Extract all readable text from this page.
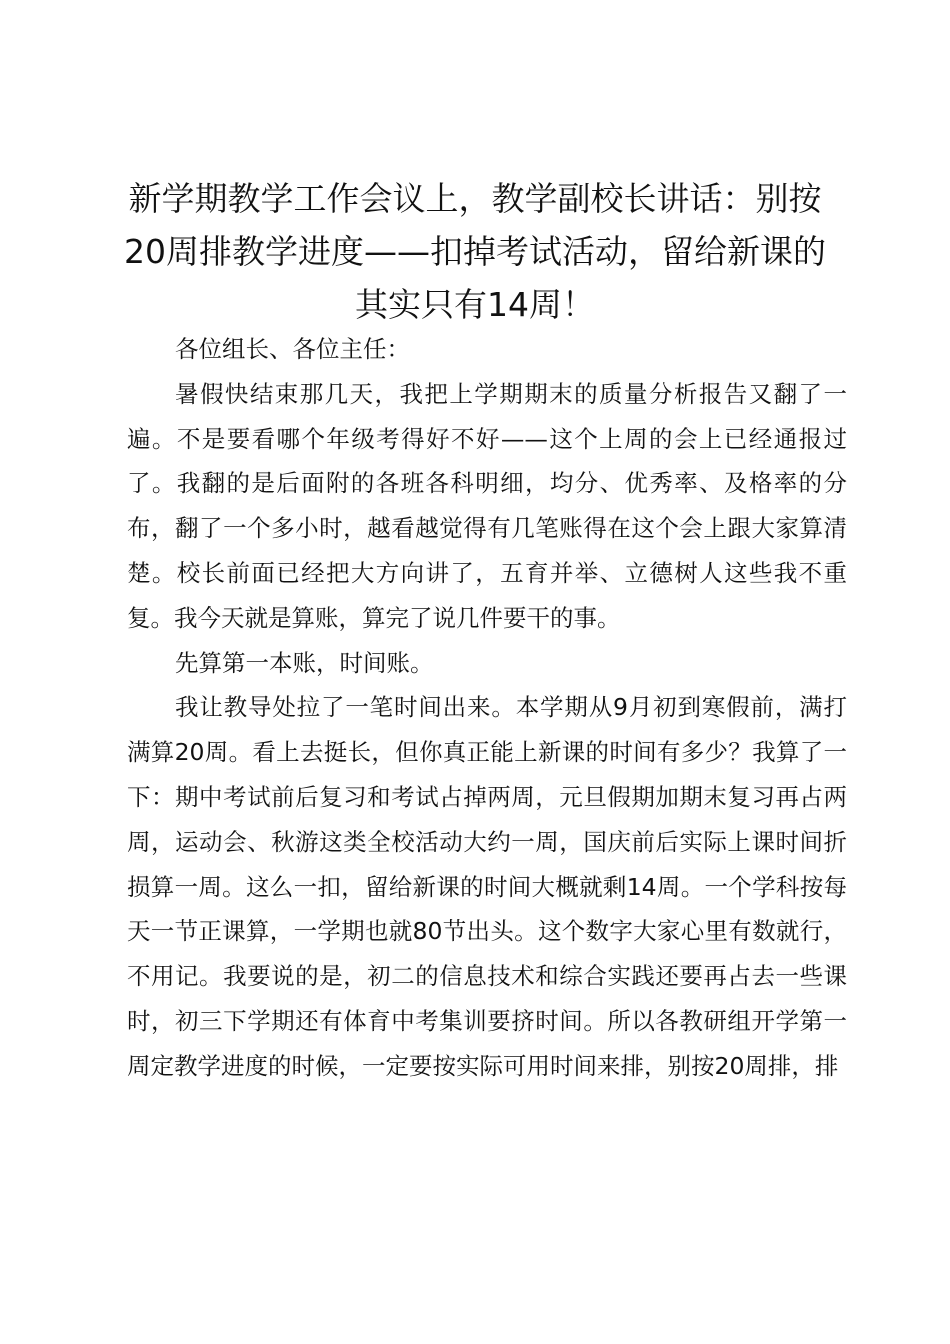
新学期教学工作会议上，教学副校长讲话：别按20周排教学进度——扣掉考试活动，留给新课的其实只有14周！

各位组长、各位主任：

暑假快结束那几天，我把上学期期末的质量分析报告又翻了一遍。不是要看哪个年级考得好不好——这个上周的会上已经通报过了。我翻的是后面附的各班各科明细，均分、优秀率、及格率的分布，翻了一个多小时，越看越觉得有几笔账得在这个会上跟大家算清楚。校长前面已经把大方向讲了，五育并举、立德树人这些我不重复。我今天就是算账，算完了说几件要干的事。

先算第一本账，时间账。

我让教导处拉了一笔时间出来。本学期从9月初到寒假前，满打满算20周。看上去挺长，但你真正能上新课的时间有多少？我算了一下：期中考试前后复习和考试占掉两周，元旦假期加期末复习再占两周，运动会、秋游这类全校活动大约一周，国庆前后实际上课时间折损算一周。这么一扣，留给新课的时间大概就剩14周。一个学科按每天一节正课算，一学期也就80节出头。这个数字大家心里有数就行，不用记。我要说的是，初二的信息技术和综合实践还要再占去一些课时，初三下学期还有体育中考集训要挤时间。所以各教研组开学第一周定教学进度的时候，一定要按实际可用时间来排，别按20周排，排
